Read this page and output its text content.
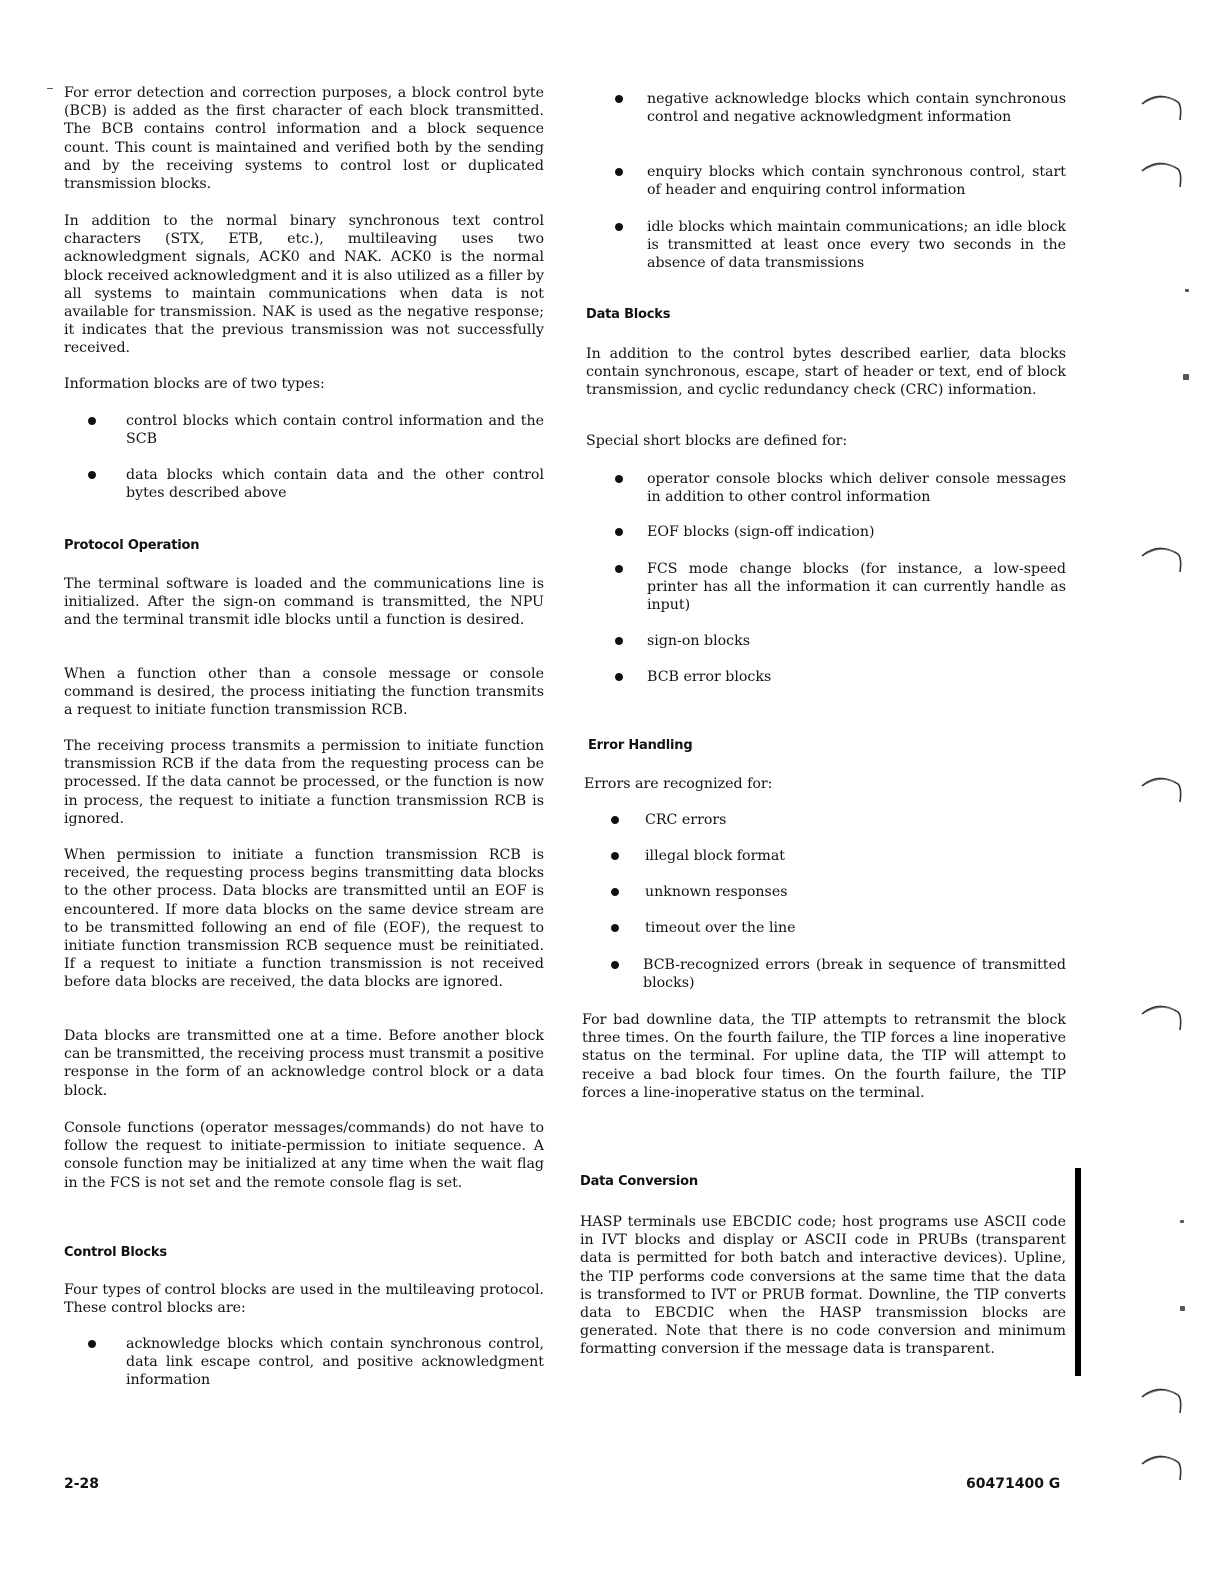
For error detection and correction purposes, a block control byte (BCB) is added as the first character of each block transmitted. The BCB contains control information and a block sequence count. This count is maintained and verified both by the sending and by the receiving systems to control lost or duplicated transmission blocks.

In addition to the normal binary synchronous text control characters (STX, ETB, etc.), multileaving uses two acknowledgment signals, ACK0 and NAK. ACK0 is the normal block received acknowledgment and it is also utilized as a filler by all systems to maintain communications when data is not available for transmission. NAK is used as the negative response; it indicates that the previous transmission was not successfully received.

Information blocks are of two types:

control blocks which contain control information and the SCB

data blocks which contain data and the other control bytes described above

Protocol Operation

The terminal software is loaded and the communications line is initialized. After the sign-on command is transmitted, the NPU and the terminal transmit idle blocks until a function is desired.

When a function other than a console message or console command is desired, the process initiating the function transmits a request to initiate function transmission RCB.

The receiving process transmits a permission to initiate function transmission RCB if the data from the requesting process can be processed. If the data cannot be processed, or the function is now in process, the request to initiate a function transmission RCB is ignored.

When permission to initiate a function transmission RCB is received, the requesting process begins transmitting data blocks to the other process. Data blocks are transmitted until an EOF is encountered. If more data blocks on the same device stream are to be transmitted following an end of file (EOF), the request to initiate function transmission RCB sequence must be reinitiated. If a request to initiate a function transmission is not received before data blocks are received, the data blocks are ignored.

Data blocks are transmitted one at a time. Before another block can be transmitted, the receiving process must transmit a positive response in the form of an acknowledge control block or a data block.

Console functions (operator messages/commands) do not have to follow the request to initiate-permission to initiate sequence. A console function may be initialized at any time when the wait flag in the FCS is not set and the remote console flag is set.

Control Blocks

Four types of control blocks are used in the multileaving protocol. These control blocks are:

acknowledge blocks which contain synchronous control, data link escape control, and positive acknowledgment information

negative acknowledge blocks which contain synchronous control and negative acknowledgment information

enquiry blocks which contain synchronous control, start of header and enquiring control information

idle blocks which maintain communications; an idle block is transmitted at least once every two seconds in the absence of data transmissions

Data Blocks

In addition to the control bytes described earlier, data blocks contain synchronous, escape, start of header or text, end of block transmission, and cyclic redundancy check (CRC) information.

Special short blocks are defined for:

operator console blocks which deliver console messages in addition to other control information

EOF blocks (sign-off indication)

FCS mode change blocks (for instance, a low-speed printer has all the information it can currently handle as input)

sign-on blocks

BCB error blocks

Error Handling

Errors are recognized for:

CRC errors

illegal block format

unknown responses

timeout over the line

BCB-recognized errors (break in sequence of transmitted blocks)

For bad downline data, the TIP attempts to retransmit the block three times. On the fourth failure, the TIP forces a line inoperative status on the terminal. For upline data, the TIP will attempt to receive a bad block four times. On the fourth failure, the TIP forces a line-inoperative status on the terminal.

Data Conversion

HASP terminals use EBCDIC code; host programs use ASCII code in IVT blocks and display or ASCII code in PRUBs (transparent data is permitted for both batch and interactive devices). Upline, the TIP performs code conversions at the same time that the data is transformed to IVT or PRUB format. Downline, the TIP converts data to EBCDIC when the HASP transmission blocks are generated. Note that there is no code conversion and minimum formatting conversion if the message data is transparent.

2-28	60471400 G
